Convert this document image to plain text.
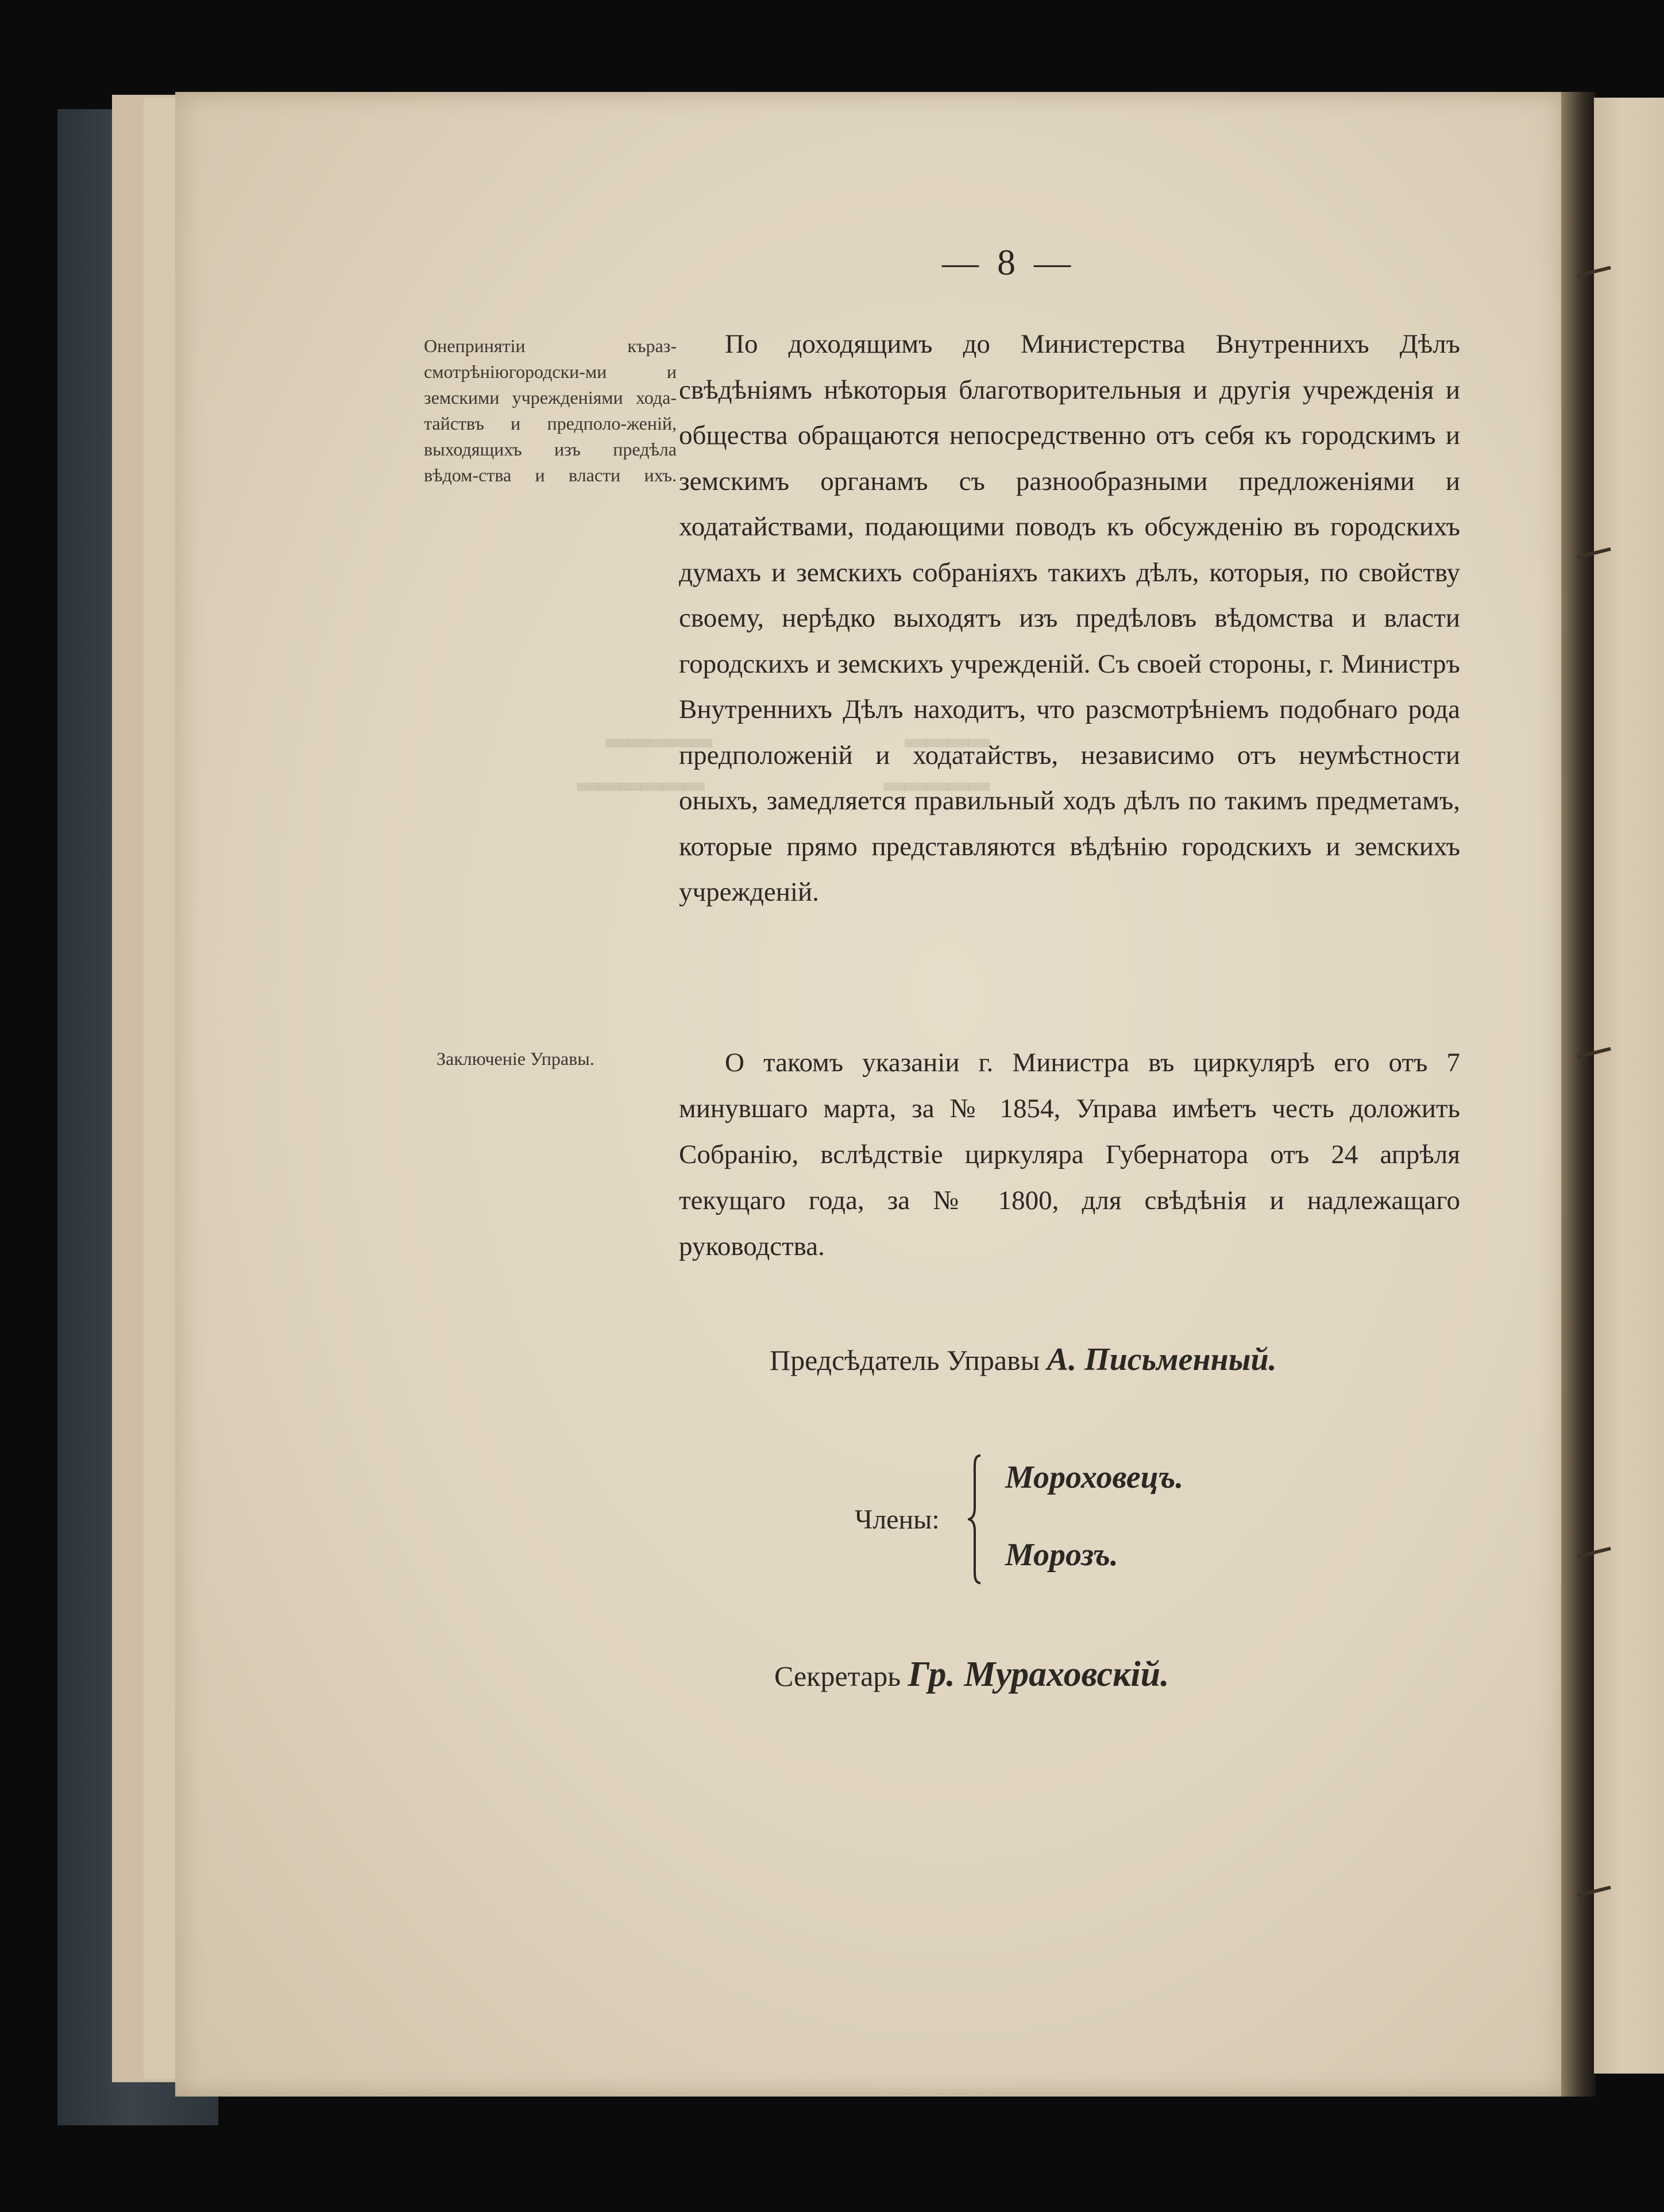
▂▂▂▂                            ▂▂▂▂▂
▂▂▂▂▂                          ▂▂▂▂▂▂

— 8 —

Онепринятіи къраз-смотрѣніюгородски-ми и земскими учрежденіями хода-тайствъ и предполо-женій, выходящихъ изъ предѣла вѣдом-ства и власти ихъ.

Заключеніе Управы.

По доходящимъ до Министерства Внутреннихъ Дѣлъ свѣдѣніямъ нѣкоторыя благотворительныя и другія учрежденія и общества обращаются непосредственно отъ себя къ городскимъ и земскимъ органамъ съ разнообразными предложеніями и ходатайствами, подающими поводъ къ обсужденію въ городскихъ думахъ и земскихъ собраніяхъ такихъ дѣлъ, которыя, по свойству своему, нерѣдко выходятъ изъ предѣловъ вѣдомства и власти городскихъ и земскихъ учрежденій. Съ своей стороны, г. Министръ Внутреннихъ Дѣлъ находитъ, что разсмотрѣніемъ подобнаго рода предположеній и ходатайствъ, независимо отъ неумѣстности оныхъ, замедляется правильный ходъ дѣлъ по такимъ предметамъ, которые прямо представляются вѣдѣнію городскихъ и земскихъ учрежденій.

О такомъ указаніи г. Министра въ циркулярѣ его отъ 7 минувшаго марта, за № 1854, Управа имѣетъ честь доложить Собранію, вслѣдствіе циркуляра Губернатора отъ 24 апрѣля текущаго года, за № 1800, для свѣдѣнія и надлежащаго руководства.

Предсѣдатель Управы А. Письменный.
Члены:
Мороховецъ.
Морозъ.
Секретарь Гр. Мураховскій.
